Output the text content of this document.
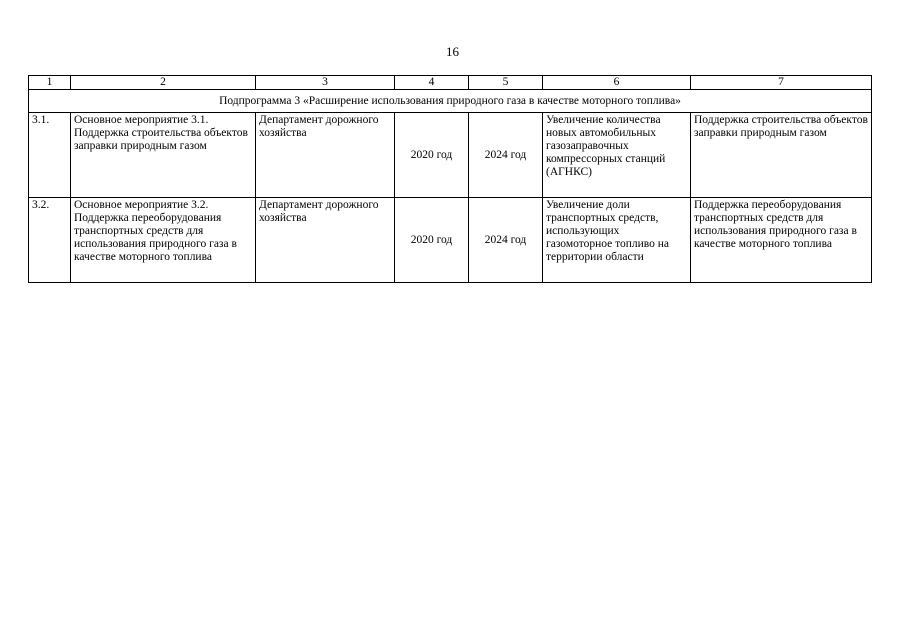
16
1	2	3	4	5	6	7
Подпрограмма 3 «Расширение использования природного газа в качестве моторного топлива»						
3.1.	Основное мероприятие 3.1. Поддержка строительства объектов заправки природным газом	Департамент дорожного хозяйства	2020 год	2024 год	Увеличение количества новых автомобильных газозаправочных компрессорных станций (АГНКС)	Поддержка строительства объектов заправки природным газом
3.2.	Основное мероприятие 3.2. Поддержка переоборудования транспортных средств для использования природного газа в качестве моторного топлива	Департамент дорожного хозяйства	2020 год	2024 год	Увеличение доли транспортных средств, использующих газомоторное топливо на территории области	Поддержка переоборудования транспортных средств для использования природного газа в качестве моторного топлива
